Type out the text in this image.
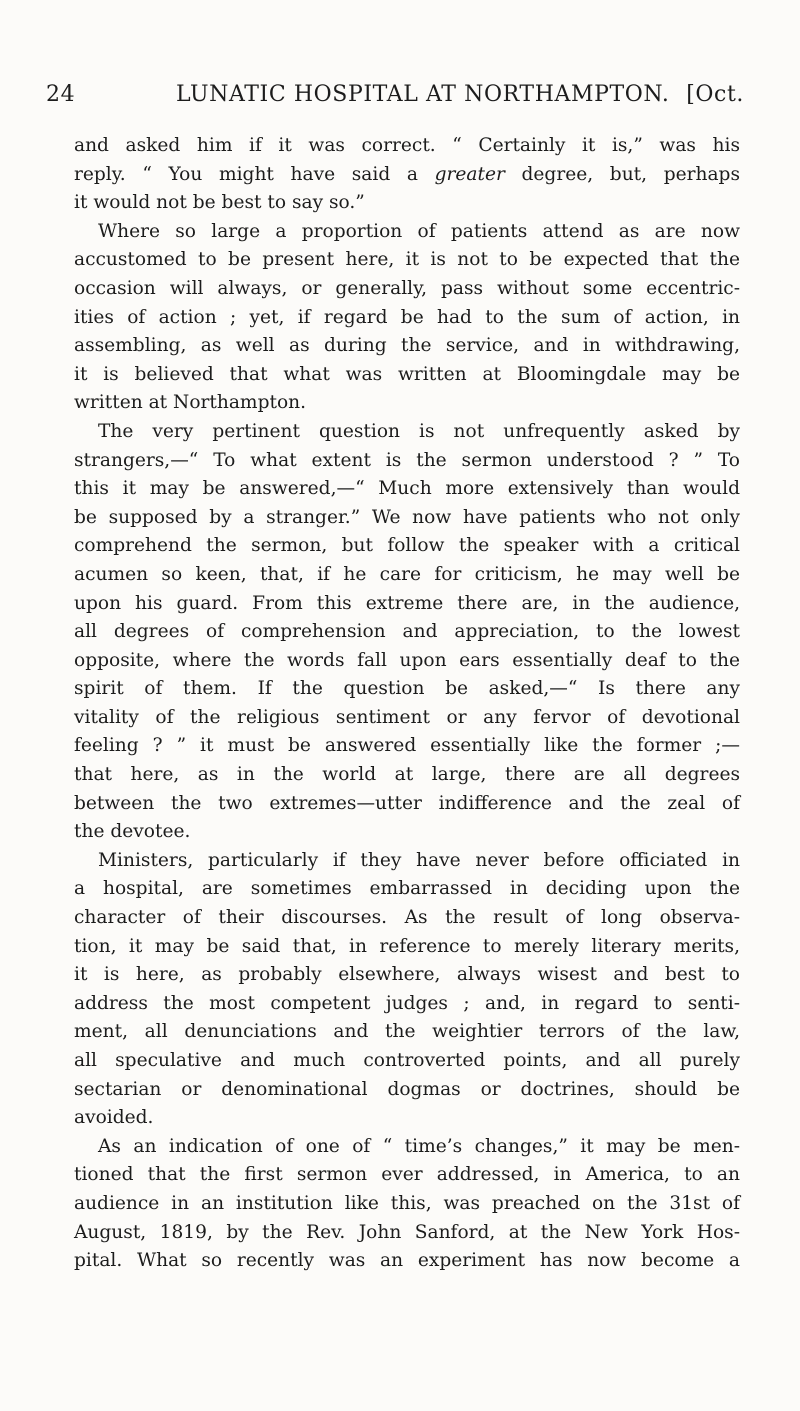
24	LUNATIC HOSPITAL AT NORTHAMPTON. [Oct.
and asked him if it was correct. “ Certainly it is,” was his
reply. “ You might have said a greater degree, but, perhaps
it would not be best to say so.”
Where so large a proportion of patients attend as are now
accustomed to be present here, it is not to be expected that the
occasion will always, or generally, pass without some eccentric-
ities of action ; yet, if regard be had to the sum of action, in
assembling, as well as during the service, and in withdrawing,
it is believed that what was written at Bloomingdale may be
written at Northampton.
The very pertinent question is not unfrequently asked by
strangers,—“ To what extent is the sermon understood ? ” To
this it may be answered,—“ Much more extensively than would
be supposed by a stranger.” We now have patients who not only
comprehend the sermon, but follow the speaker with a critical
acumen so keen, that, if he care for criticism, he may well be
upon his guard. From this extreme there are, in the audience,
all degrees of comprehension and appreciation, to the lowest
opposite, where the words fall upon ears essentially deaf to the
spirit of them. If the question be asked,—“ Is there any
vitality of the religious sentiment or any fervor of devotional
feeling ? ” it must be answered essentially like the former ;—
that here, as in the world at large, there are all degrees
between the two extremes—utter indifference and the zeal of
the devotee.
Ministers, particularly if they have never before officiated in
a hospital, are sometimes embarrassed in deciding upon the
character of their discourses. As the result of long observa-
tion, it may be said that, in reference to merely literary merits,
it is here, as probably elsewhere, always wisest and best to
address the most competent judges ; and, in regard to senti-
ment, all denunciations and the weightier terrors of the law,
all speculative and much controverted points, and all purely
sectarian or denominational dogmas or doctrines, should be
avoided.
As an indication of one of “ time’s changes,” it may be men-
tioned that the first sermon ever addressed, in America, to an
audience in an institution like this, was preached on the 31st of
August, 1819, by the Rev. John Sanford, at the New York Hos-
pital. What so recently was an experiment has now become a
